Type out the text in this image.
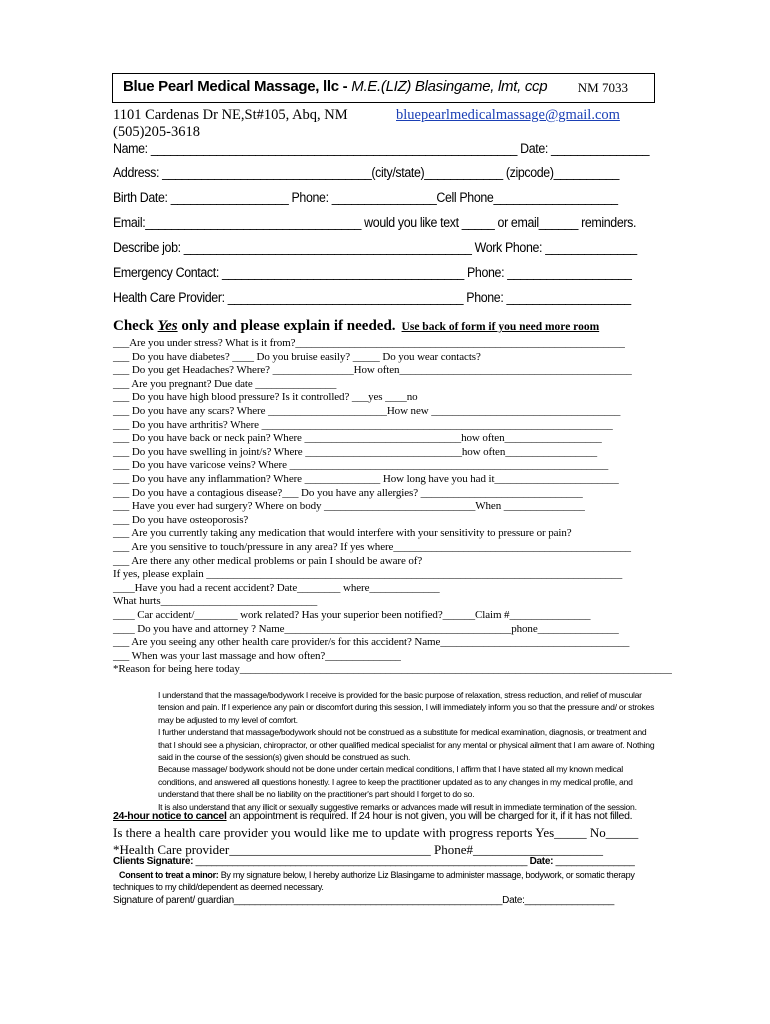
Blue Pearl Medical Massage, llc - M.E.(LIZ) Blasingame, lmt, ccp NM 7033
1101 Cardenas Dr NE,St#105, Abq, NM
(505)205-3618
bluepearlmedicalmassage@gmail.com
Name: ________________________________________________________ Date: _______________
Address: ________________________________(city/state)____________ (zipcode)__________
Birth Date: __________________ Phone: ________________Cell Phone___________________
Email:_________________________________ would you like text _____ or email______ reminders.
Describe job: ____________________________________________ Work Phone: ______________
Emergency Contact: _____________________________________ Phone: ___________________
Health Care Provider: ____________________________________ Phone: ___________________
Check Yes only and please explain if needed. Use back of form if you need more room
___Are you under stress? What is it from?_____________________________________________________________
___ Do you have diabetes? ____ Do you bruise easily? _____ Do you wear contacts?
___ Do you get Headaches? Where? _______________How often___________________________________________
___ Are you pregnant? Due date _______________
___ Do you have high blood pressure? Is it controlled? ___yes ____no
___ Do you have any scars? Where ______________________How new ___________________________________
___ Do you have arthritis? Where _________________________________________________________________
___ Do you have back or neck pain? Where _____________________________how often__________________
___ Do you have swelling in joint/s? Where _____________________________how often_________________
___ Do you have varicose veins? Where ___________________________________________________________
___ Do you have any inflammation? Where ______________ How long have you had it_______________________
___ Do you have a contagious disease?___ Do you have any allergies? ______________________________
___ Have you ever had surgery? Where on body ____________________________When _______________
___ Do you have osteoporosis?
___ Are you currently taking any medication that would interfere with your sensitivity to pressure or pain?
___ Are you sensitive to touch/pressure in any area? If yes where____________________________________________
___ Are there any other medical problems or pain I should be aware of?
If yes, please explain _____________________________________________________________________________
____Have you had a recent accident? Date________ where_____________
What hurts_____________________________
____ Car accident/________ work related? Has your superior been notified?______Claim #_______________
____ Do you have and attorney ? Name__________________________________________phone_______________
___ Are you seeing any other health care provider/s for this accident? Name___________________________________
___ When was your last massage and how often?______________
*Reason for being here today________________________________________________________________________________

I understand that the massage/bodywork I receive is provided for the basic purpose of relaxation, stress reduction, and relief of muscular tension and pain. If I experience any pain or discomfort during this session, I will immediately inform you so that the pressure and/ or strokes may be adjusted to my level of comfort.

I further understand that massage/bodywork should not be construed as a substitute for medical examination, diagnosis, or treatment and that I should see a physician, chiropractor, or other qualified medical specialist for any mental or physical ailment that I am aware of. Nothing said in the course of the session(s) given should be construed as such.

Because massage/ bodywork should not be done under certain medical conditions, I affirm that I have stated all my known medical conditions, and answered all questions honestly. I agree to keep the practitioner updated as to any changes in my medical profile, and understand that there shall be no liability on the practitioner's part should I forget to do so.

It is also understand that any illicit or sexually suggestive remarks or advances made will result in immediate termination of the session.

24-hour notice to cancel an appointment is required. If 24 hour is not given, you will be charged for it, if it has not filled.
Is there a health care provider you would like me to update with progress reports Yes_____ No_____
*Health Care provider_______________________________ Phone#____________________
Clients Signature: _______________________________________________________________ Date: _______________
Consent to treat a minor: By my signature below, I hereby authorize Liz Blasingame to administer massage, bodywork, or somatic therapy techniques to my child/dependent as deemed necessary.
Signature of parent/ guardian___________________________________________________Date:_________________
